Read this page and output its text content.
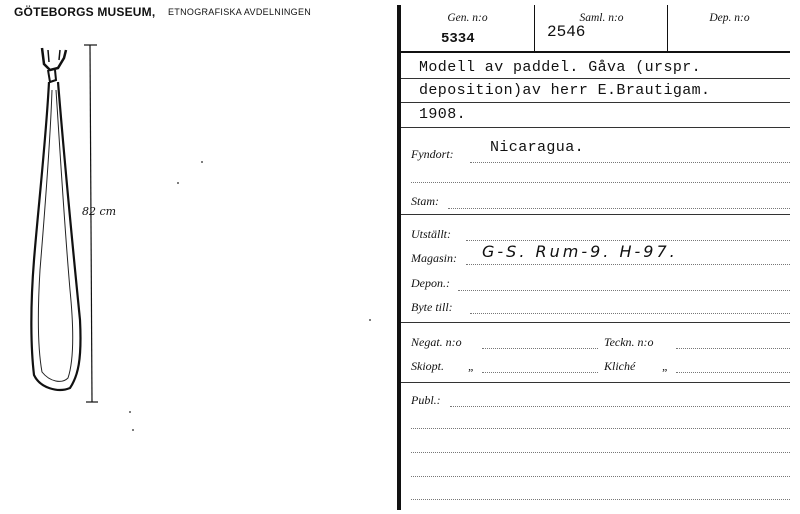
GÖTEBORGS MUSEUM, ETNOGRAFISKA AVDELNINGEN
82 cm
Gen. n:o
5334
Saml. n:o
2546
Dep. n:o
Modell av paddel. Gåva (urspr.
deposition)av herr E.Brautigam.
1908.
Fyndort: Nicaragua.
Stam:
Utställt:
Magasin: G-S. Rum-9. H-97.
Depon.:
Byte till:
Negat. n:o	Teckn. n:o
Skiopt. „	Kliché „
Publ.:
